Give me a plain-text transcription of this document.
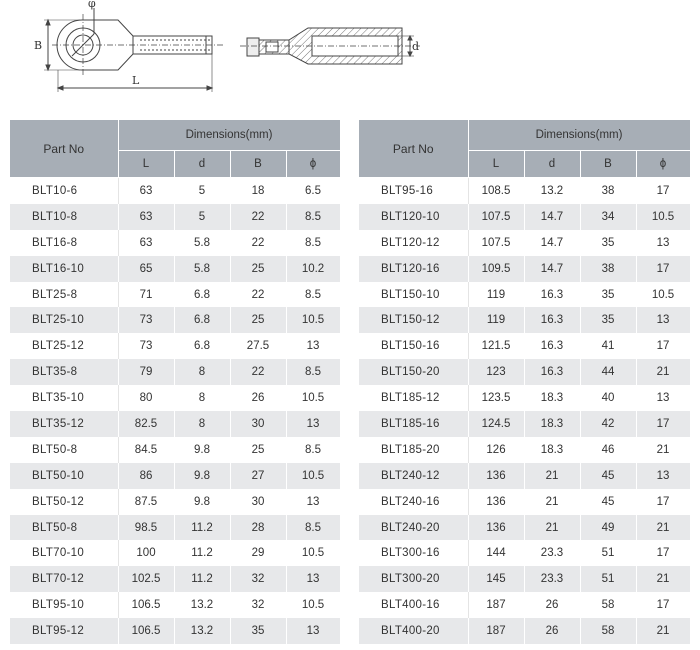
φ
B
L
d
Part No	Dimensions(mm)			
	L	d	B	ϕ
BLT10-6	63	5	18	6.5
BLT10-8	63	5	22	8.5
BLT16-8	63	5.8	22	8.5
BLT16-10	65	5.8	25	10.2
BLT25-8	71	6.8	22	8.5
BLT25-10	73	6.8	25	10.5
BLT25-12	73	6.8	27.5	13
BLT35-8	79	8	22	8.5
BLT35-10	80	8	26	10.5
BLT35-12	82.5	8	30	13
BLT50-8	84.5	9.8	25	8.5
BLT50-10	86	9.8	27	10.5
BLT50-12	87.5	9.8	30	13
BLT50-8	98.5	11.2	28	8.5
BLT70-10	100	11.2	29	10.5
BLT70-12	102.5	11.2	32	13
BLT95-10	106.5	13.2	32	10.5
BLT95-12	106.5	13.2	35	13
Part No	Dimensions(mm)			
	L	d	B	ϕ
BLT95-16	108.5	13.2	38	17
BLT120-10	107.5	14.7	34	10.5
BLT120-12	107.5	14.7	35	13
BLT120-16	109.5	14.7	38	17
BLT150-10	119	16.3	35	10.5
BLT150-12	119	16.3	35	13
BLT150-16	121.5	16.3	41	17
BLT150-20	123	16.3	44	21
BLT185-12	123.5	18.3	40	13
BLT185-16	124.5	18.3	42	17
BLT185-20	126	18.3	46	21
BLT240-12	136	21	45	13
BLT240-16	136	21	45	17
BLT240-20	136	21	49	21
BLT300-16	144	23.3	51	17
BLT300-20	145	23.3	51	21
BLT400-16	187	26	58	17
BLT400-20	187	26	58	21
